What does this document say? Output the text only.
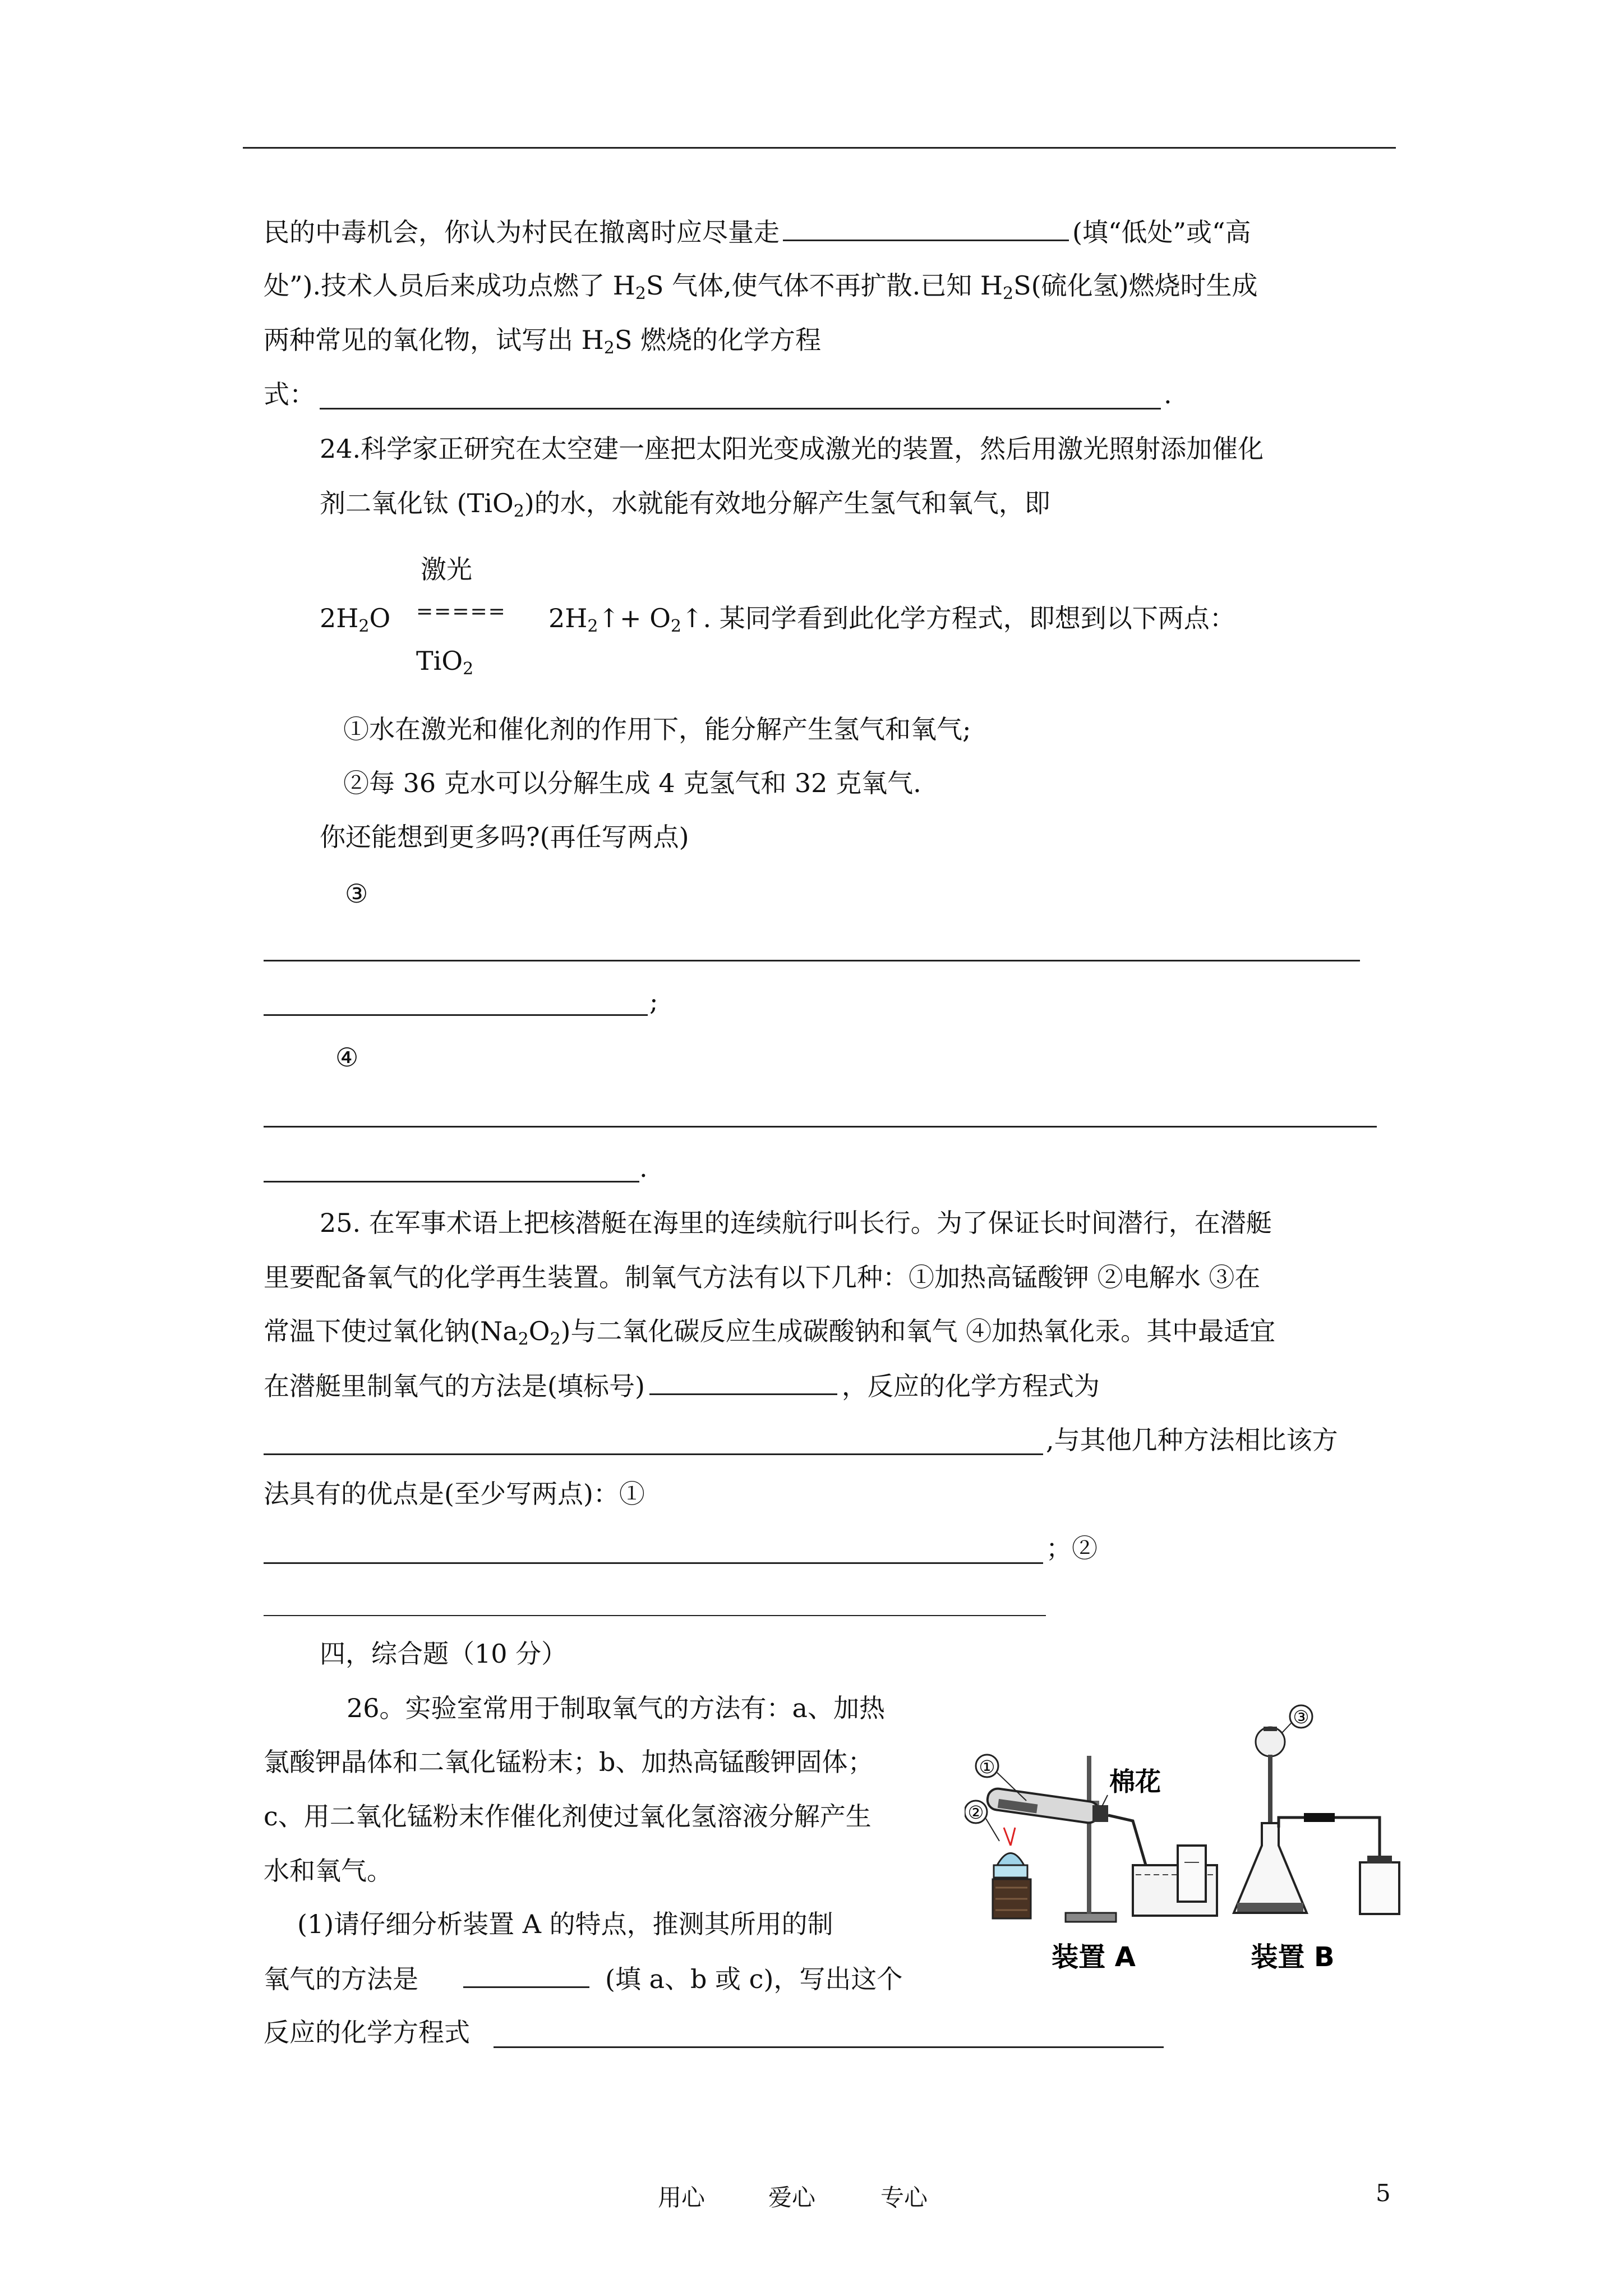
民的中毒机会，你认为村民在撤离时应尽量走	(填“低处”或“高
处”).技术人员后来成功点燃了 $H_2S$ 气体,使气体不再扩散.已知 $H_2S$(硫化氢)燃烧时生成
两种常见的氧化物，试写出 $H_2S$ 燃烧的化学方程
式：	.
24.科学家正研究在太空建一座把太阳光变成激光的装置，然后用激光照射添加催化
剂二氧化钛 (TiO$_2$)的水，水就能有效地分解产生氢气和氧气，即
激光
$2H_2O$ ===== $2H_2↑+$ $O_2↑$. 某同学看到此化学方程式，即想到以下两点：
TiO$_2$
①水在激光和催化剂的作用下，能分解产生氢气和氧气;
②每 36 克水可以分解生成 4 克氢气和 32 克氧气.
你还能想到更多吗?(再任写两点)
③
;
④
.
25. 在军事术语上把核潜艇在海里的连续航行叫长行。为了保证长时间潜行，在潜艇
里要配备氧气的化学再生装置。制氧气方法有以下几种：①加热高锰酸钾 ②电解水 ③在
常温下使过氧化钠$(Na_2O_2)$与二氧化碳反应生成碳酸钠和氧气 ④加热氧化汞。其中最适宜
在潜艇里制氧气的方法是(填标号)	，反应的化学方程式为
,与其他几种方法相比该方
法具有的优点是(至少写两点)：①
；②
四，综合题（10 分）
26。实验室常用于制取氧气的方法有：a、加热
氯酸钾晶体和二氧化锰粉末；b、加热高锰酸钾固体；
c、用二氧化锰粉末作催化剂使过氧化氢溶液分解产生
水和氧气。
(1)请仔细分析装置 A 的特点，推测其所用的制
氧气的方法是	(填 a、b 或 c)，写出这个
反应的化学方程式
①
②
棉花
③
装置 A	装置 B
用心	爱心	专心	5
